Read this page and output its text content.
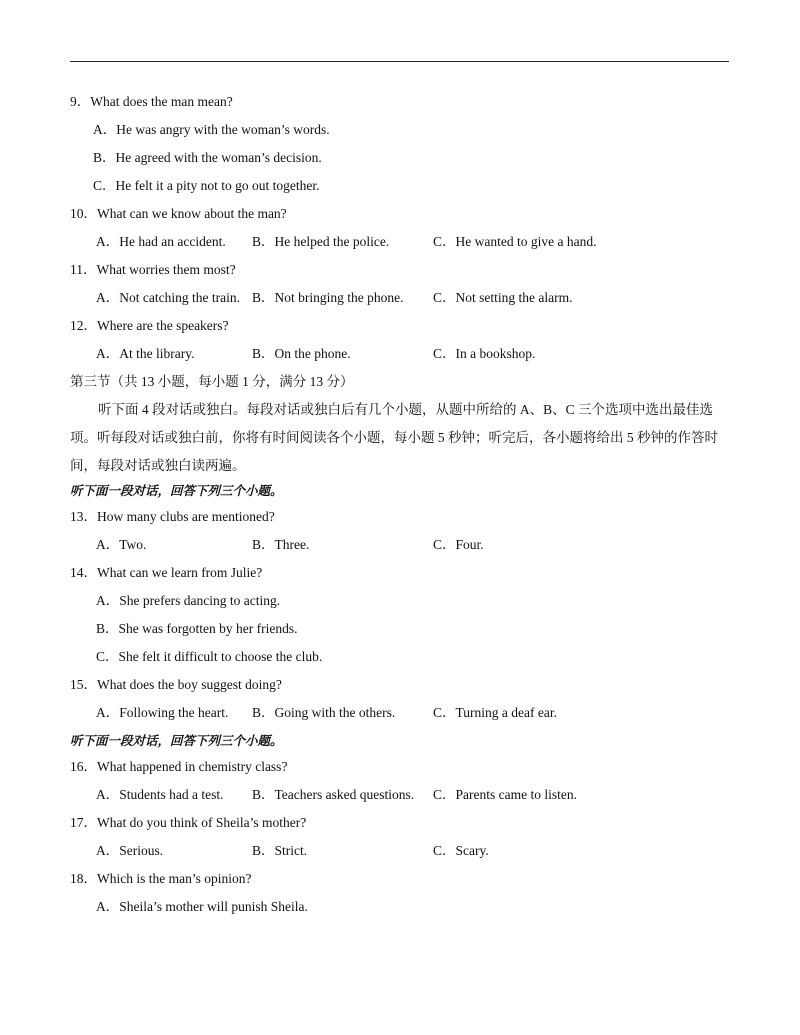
9．What does the man mean?
A．He was angry with the woman’s words.
B．He agreed with the woman’s decision.
C．He felt it a pity not to go out together.
10．What can we know about the man?
A．He had an accident. B．He helped the police.	C．He wanted to give a hand.
11．What worries them most?
A．Not catching the train. B．Not bringing the phone. C．Not setting the alarm.
12．Where are the speakers?
A．At the library.	B．On the phone.	C．In a bookshop.
第三节（共 13 小题，每小题 1 分，满分 13 分）
听下面 4 段对话或独白。每段对话或独白后有几个小题，从题中所给的 A、B、C 三个选项中选出最佳选项。听每段对话或独白前，你将有时间阅读各个小题，每小题 5 秒钟；听完后，各小题将给出 5 秒钟的作答时间，每段对话或独白读两遍。
听下面一段对话，回答下列三个小题。
13．How many clubs are mentioned?
A．Two.	B．Three.	C．Four.
14．What can we learn from Julie?
A．She prefers dancing to acting.
B．She was forgotten by her friends.
C．She felt it difficult to choose the club.
15．What does the boy suggest doing?
A．Following the heart. B．Going with the others.	C．Turning a deaf ear.
听下面一段对话，回答下列三个小题。
16．What happened in chemistry class?
A．Students had a test. B．Teachers asked questions. C．Parents came to listen.
17．What do you think of Sheila’s mother?
A．Serious.	B．Strict.	C．Scary.
18．Which is the man’s opinion?
A．Sheila’s mother will punish Sheila.
